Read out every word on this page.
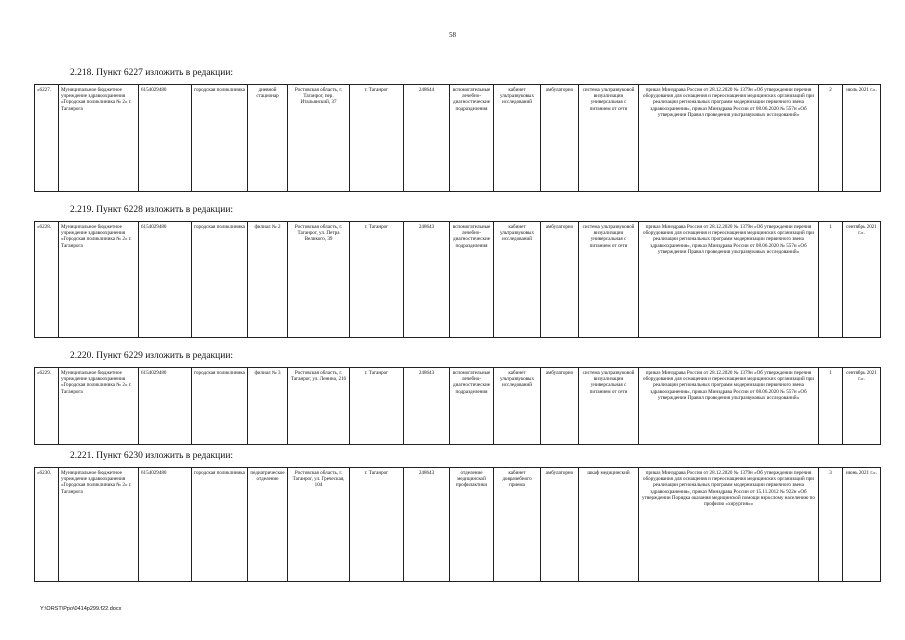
58
2.218. Пункт 6227 изложить в редакции:
«6227.	Муниципальное бюджетное учреждение здравоохранения «Городская поликлиника № 2» г. Таганрога	6154029480	городская поликлиника	дневной стационар	Ростовская область, г. Таганрог, пер. Итальянский, 37	г. Таганрог	248644	вспомогательные лечебно-диагностические подразделения	кабинет ультразвуковых исследований	амбулаторно	система ультразвуковой визуализации универсальная с питанием от сети	приказ Минздрава России от 28.12.2020 № 1379н «Об утверждении перечня оборудования для оснащения и переоснащения медицинских организаций при реализации региональных программ модернизации первичного звена здравоохранения», приказ Минздрава России от 08.06.2020 № 557н «Об утверждении Правил проведения ультразвуковых исследований»	2	июль 2021 г.».
2.219. Пункт 6228 изложить в редакции:
«6228.	Муниципальное бюджетное учреждение здравоохранения «Городская поликлиника № 2» г. Таганрога	6154029480	городская поликлиника	филиал № 2	Ростовская область, г. Таганрог, ул. Петра Великого, 39	г. Таганрог	248643	вспомогательные лечебно-диагностические подразделения	кабинет ультразвуковых исследований	амбулаторно	система ультразвуковой визуализации универсальная с питанием от сети	приказ Минздрава России от 28.12.2020 № 1379н «Об утверждении перечня оборудования для оснащения и переоснащения медицинских организаций при реализации региональных программ модернизации первичного звена здравоохранения», приказ Минздрава России от 08.06.2020 № 557н «Об утверждении Правил проведения ультразвуковых исследований»	1	сентябрь 2021 г.».
2.220. Пункт 6229 изложить в редакции:
«6229.	Муниципальное бюджетное учреждение здравоохранения «Городская поликлиника № 2» г. Таганрога	6154029480	городская поликлиника	филиал № 3	Ростовская область, г. Таганрог, ул. Ленина, 216	г. Таганрог	248643	вспомогательные лечебно-диагностические подразделения	кабинет ультразвуковых исследований	амбулаторно	система ультразвуковой визуализации универсальная с питанием от сети	приказ Минздрава России от 28.12.2020 № 1379н «Об утверждении перечня оборудования для оснащения и переоснащения медицинских организаций при реализации региональных программ модернизации первичного звена здравоохранения», приказ Минздрава России от 08.06.2020 № 557н «Об утверждении Правил проведения ультразвуковых исследований»	1	сентябрь 2021 г.».
2.221. Пункт 6230 изложить в редакции:
«6230.	Муниципальное бюджетное учреждение здравоохранения «Городская поликлиника № 2» г. Таганрога	6154029480	городская поликлиника	педиатрическое отделение	Ростовская область, г. Таганрог, ул. Греческая, 104	г. Таганрог	248643	отделение медицинской профилактики	кабинет доврачебного приема	амбулаторно	шкаф медицинский	приказ Минздрава России от 28.12.2020 № 1379н «Об утверждении перечня оборудования для оснащения и переоснащения медицинских организаций при реализации региональных программ модернизации первичного звена здравоохранения», приказ Минздрава России от 15.11.2012 № 922н «Об утверждении Порядка оказания медицинской помощи взрослому населению по профилю «хирургия»»	3	июнь 2021 г.».
Y:\ORST\Ppo\0414p299.f22.docx
